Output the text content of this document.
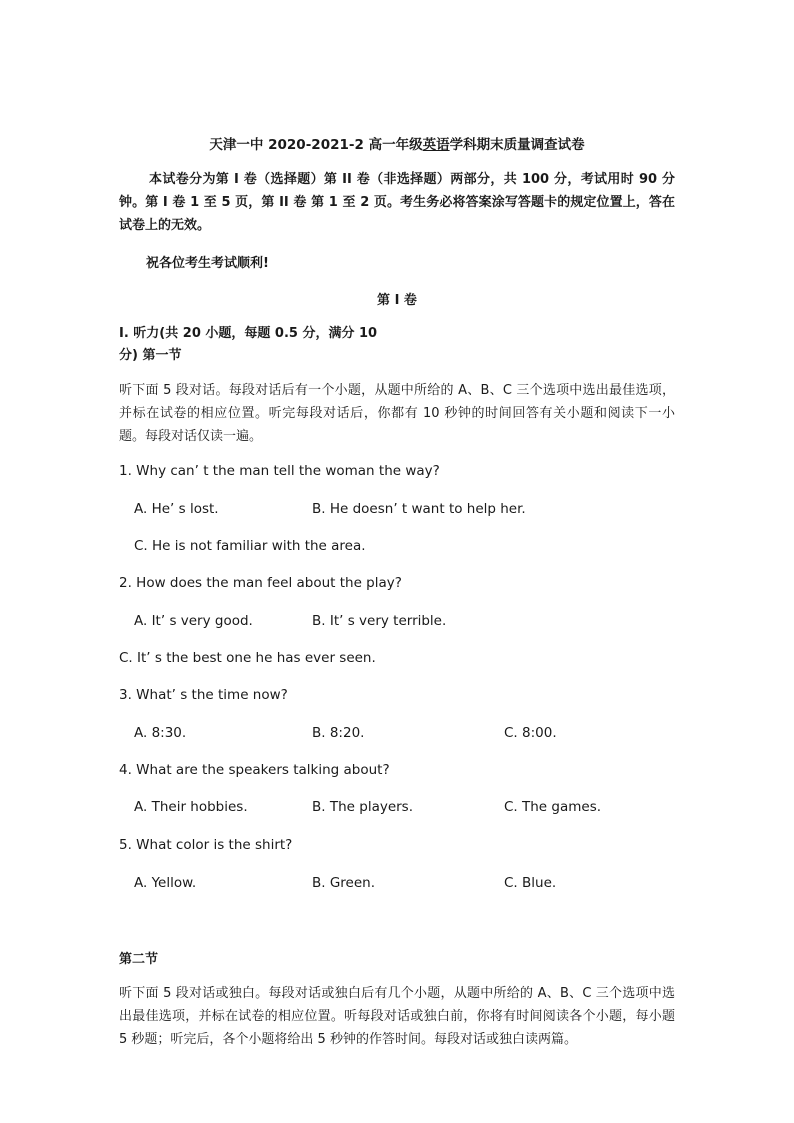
天津一中 2020-2021-2 高一年级英语学科期末质量调查试卷
本试卷分为第 I 卷（选择题）第 II 卷（非选择题）两部分，共 100 分，考试用时 90 分钟。第 I 卷 1 至 5 页，第 II 卷 第 1 至 2 页。考生务必将答案涂写答题卡的规定位置上，答在试卷上的无效。
祝各位考生考试顺利!
第 I 卷
I. 听力(共 20 小题，每题 0.5 分，满分 10
分) 第一节
听下面 5 段对话。每段对话后有一个小题，从题中所给的 A、B、C 三个选项中选出最佳选项，并标在试卷的相应位置。听完每段对话后，你都有 10 秒钟的时间回答有关小题和阅读下一小题。每段对话仅读一遍。
1. Why can’ t the man tell the woman the way?
A. He’ s lost.	B. He doesn’ t want to help her.
C. He is not familiar with the area.
2. How does the man feel about the play?
A. It’ s very good.	B. It’ s very terrible.
C. It’ s the best one he has ever seen.
3. What’ s the time now?
A. 8:30.	B. 8:20.	C. 8:00.
4. What are the speakers talking about?
A. Their hobbies.	B. The players.	C. The games.
5. What color is the shirt?
A. Yellow.	B. Green.	C. Blue.
第二节
听下面 5 段对话或独白。每段对话或独白后有几个小题，从题中所给的 A、B、C 三个选项中选出最佳选项，并标在试卷的相应位置。听每段对话或独白前，你将有时间阅读各个小题，每小题 5 秒题；听完后，各个小题将给出 5 秒钟的作答时间。每段对话或独白读两篇。
